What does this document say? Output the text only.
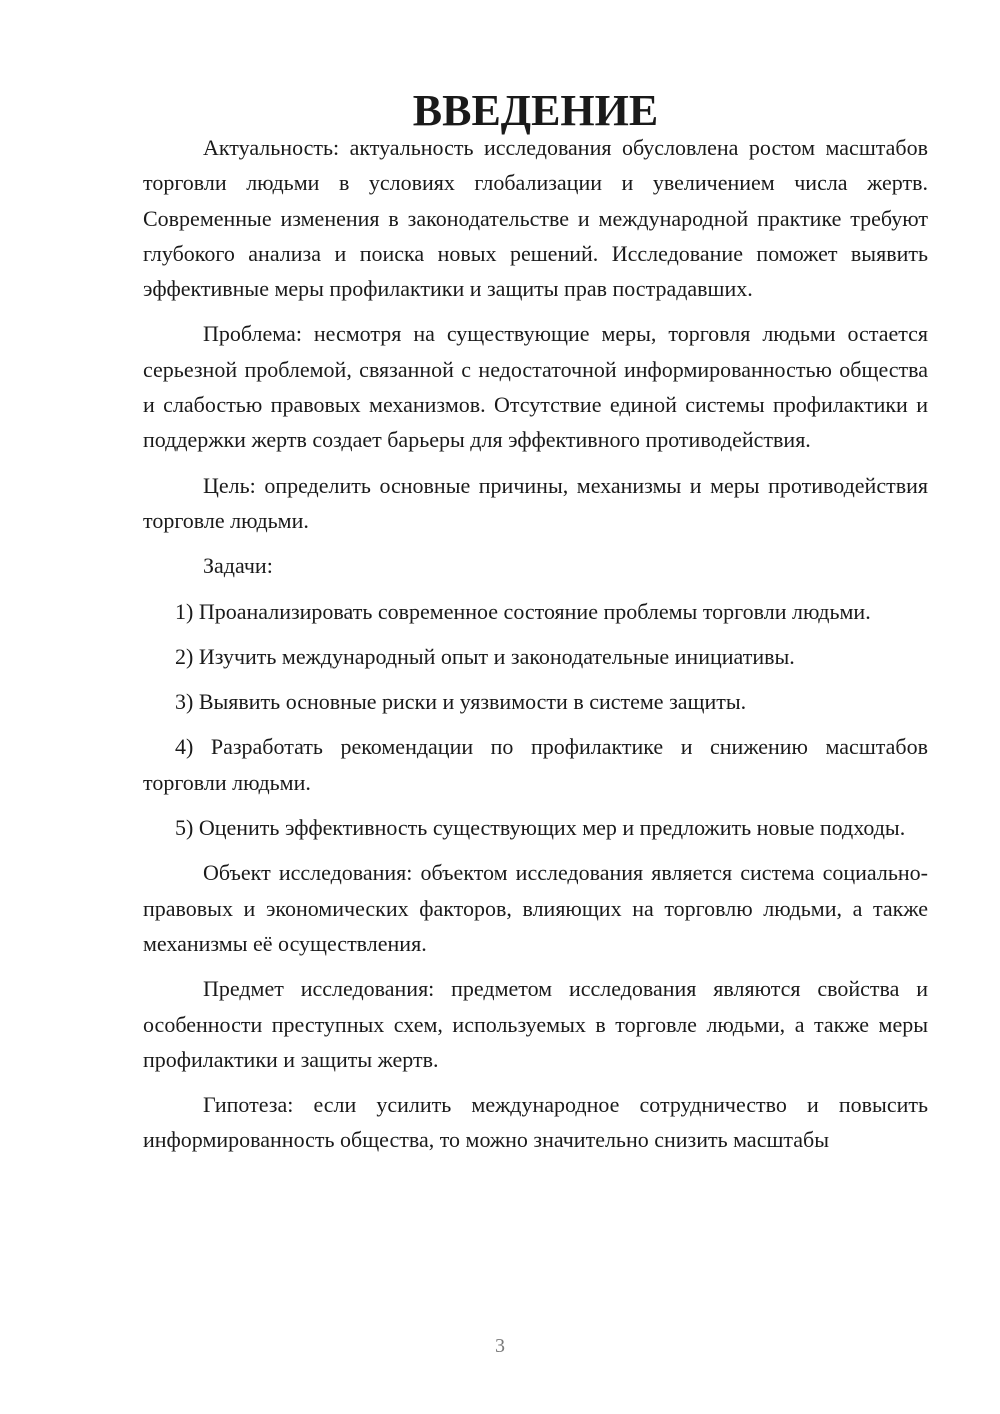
ВВЕДЕНИЕ

Актуальность: актуальность исследования обусловлена ростом масштабов торговли людьми в условиях глобализации и увеличением числа жертв. Современные изменения в законодательстве и международной практике требуют глубокого анализа и поиска новых решений. Исследование поможет выявить эффективные меры профилактики и защиты прав пострадавших.

Проблема: несмотря на существующие меры, торговля людьми остается серьезной проблемой, связанной с недостаточной информированностью общества и слабостью правовых механизмов. Отсутствие единой системы профилактики и поддержки жертв создает барьеры для эффективного противодействия.

Цель: определить основные причины, механизмы и меры противодействия торговле людьми.

Задачи:

1) Проанализировать современное состояние проблемы торговли людьми.

2) Изучить международный опыт и законодательные инициативы.

3) Выявить основные риски и уязвимости в системе защиты.

4) Разработать рекомендации по профилактике и снижению масштабов торговли людьми.

5) Оценить эффективность существующих мер и предложить новые подходы.

Объект исследования: объектом исследования является система социально-правовых и экономических факторов, влияющих на торговлю людьми, а также механизмы её осуществления.

Предмет исследования: предметом исследования являются свойства и особенности преступных схем, используемых в торговле людьми, а также меры профилактики и защиты жертв.

Гипотеза: если усилить международное сотрудничество и повысить информированность общества, то можно значительно снизить масштабы

3
